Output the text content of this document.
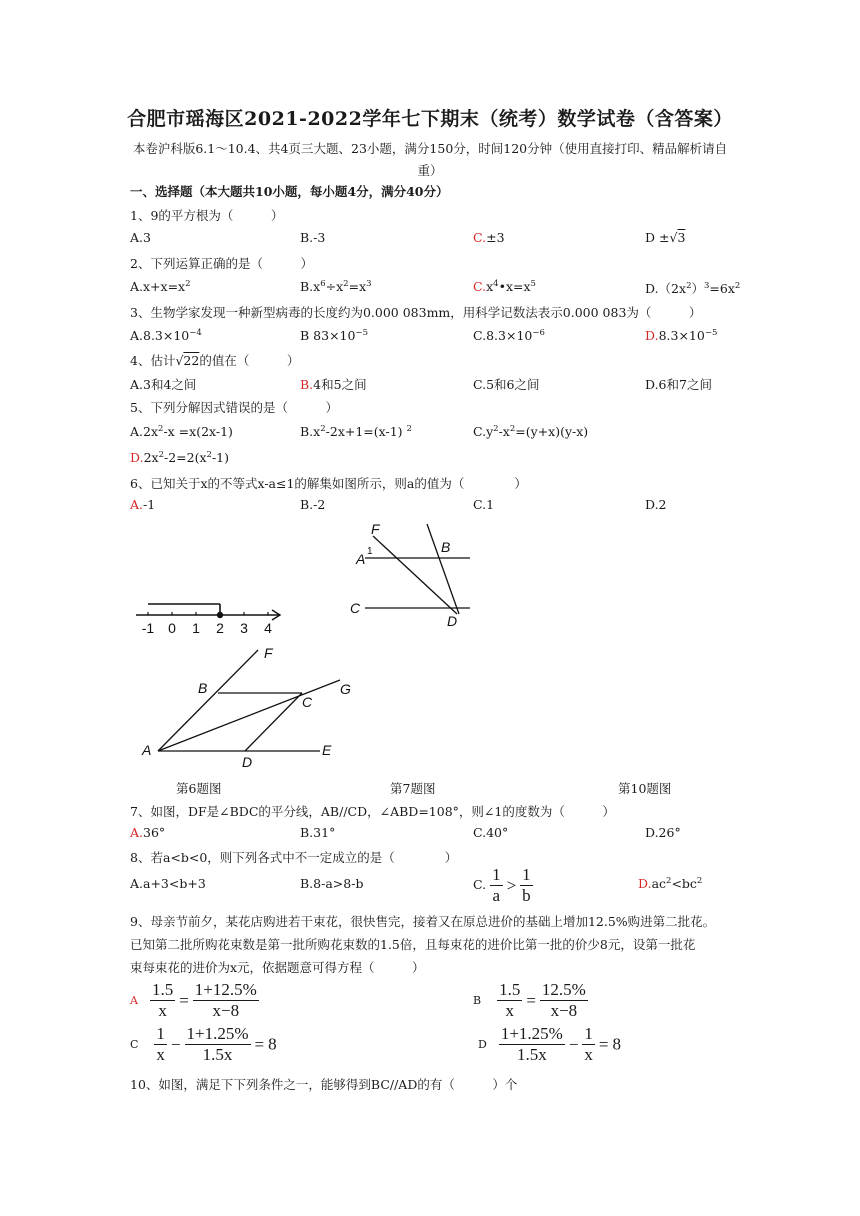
合肥市瑶海区2021-2022学年七下期末（统考）数学试卷（含答案）
本卷沪科版6.1～10.4、共4页三大题、23小题，满分150分，时间120分钟（使用直接打印、精品解析请自重）
一、选择题（本大题共10小题，每小题4分，满分40分）
1、9的平方根为（　　　）
A.3	B.-3	C.±3	D ±√3
2、下列运算正确的是（　　　）
$A.x+x=x^2$	$B.x^6\div x^2=x^3$	$C.x^4•x=x^5$	$D.(2x^2)^3=6x^2$
3、生物学家发现一种新型病毒的长度约为0.000 083mm，用科学记数法表示0.000 083为（　　　）
$A.8.3\times 10^{-4}$	B $83\times 10^{-5}$	$C.8.3\times 10^{-6}$	$D.8.3\times 10^{-5}$
4、估计√22的值在（　　　）
A.3和4之间	B.4和5之间	C.5和6之间	D.6和7之间
5、下列分解因式错误的是（　　　）
$A.2x^2-x =x(2x-1)$	$B.x^2-2x+1=(x-1)$ $^2$	$C.y^2-x^2=(y+x)(y-x)$
$D.2x^2-2=2(x^2-1)$
6、已知关于x的不等式x-a≤1的解集如图所示，则a的值为（　　　　）
A.-1	B.-2	C.1	D.2
-1 0 1 2 3 4
F
1
A
B
C
D
F
B
C
G
A
D
E
第6题图	第7题图	第10题图
7、如图，DF是∠BDC的平分线，AB//CD，∠ABD=108°，则∠1的度数为（　　　）
A.36°	B.31°	C.40°	D.26°
8、若a<b<0，则下列各式中不一定成立的是（　　　　）
A.a+3<b+3	B.8-a>8-b	C. $\frac{1}{a} > \frac{1}{b}$	$D.ac^2<bc^2$
9、母亲节前夕，某花店购进若干束花，很快售完，接着又在原总进价的基础上增加12.5%购进第二批花。
已知第二批所购花束数是第一批所购花束数的1.5倍，且每束花的进价比第一批的价少8元，设第一批花
束每束花的进价为x元，依据题意可得方程（　　　）
A $\frac{1.5}{x} = \frac{1+12.5\%}{x-8}$	B $\frac{1.5}{x} = \frac{12.5\%}{x-8}$
C $\frac{1}{x} - \frac{1+1.25\%}{1.5x} = 8$	D $\frac{1+1.25\%}{1.5x} - \frac{1}{x} = 8$
10、如图，满足下下列条件之一，能够得到BC//AD的有（　　　）个
